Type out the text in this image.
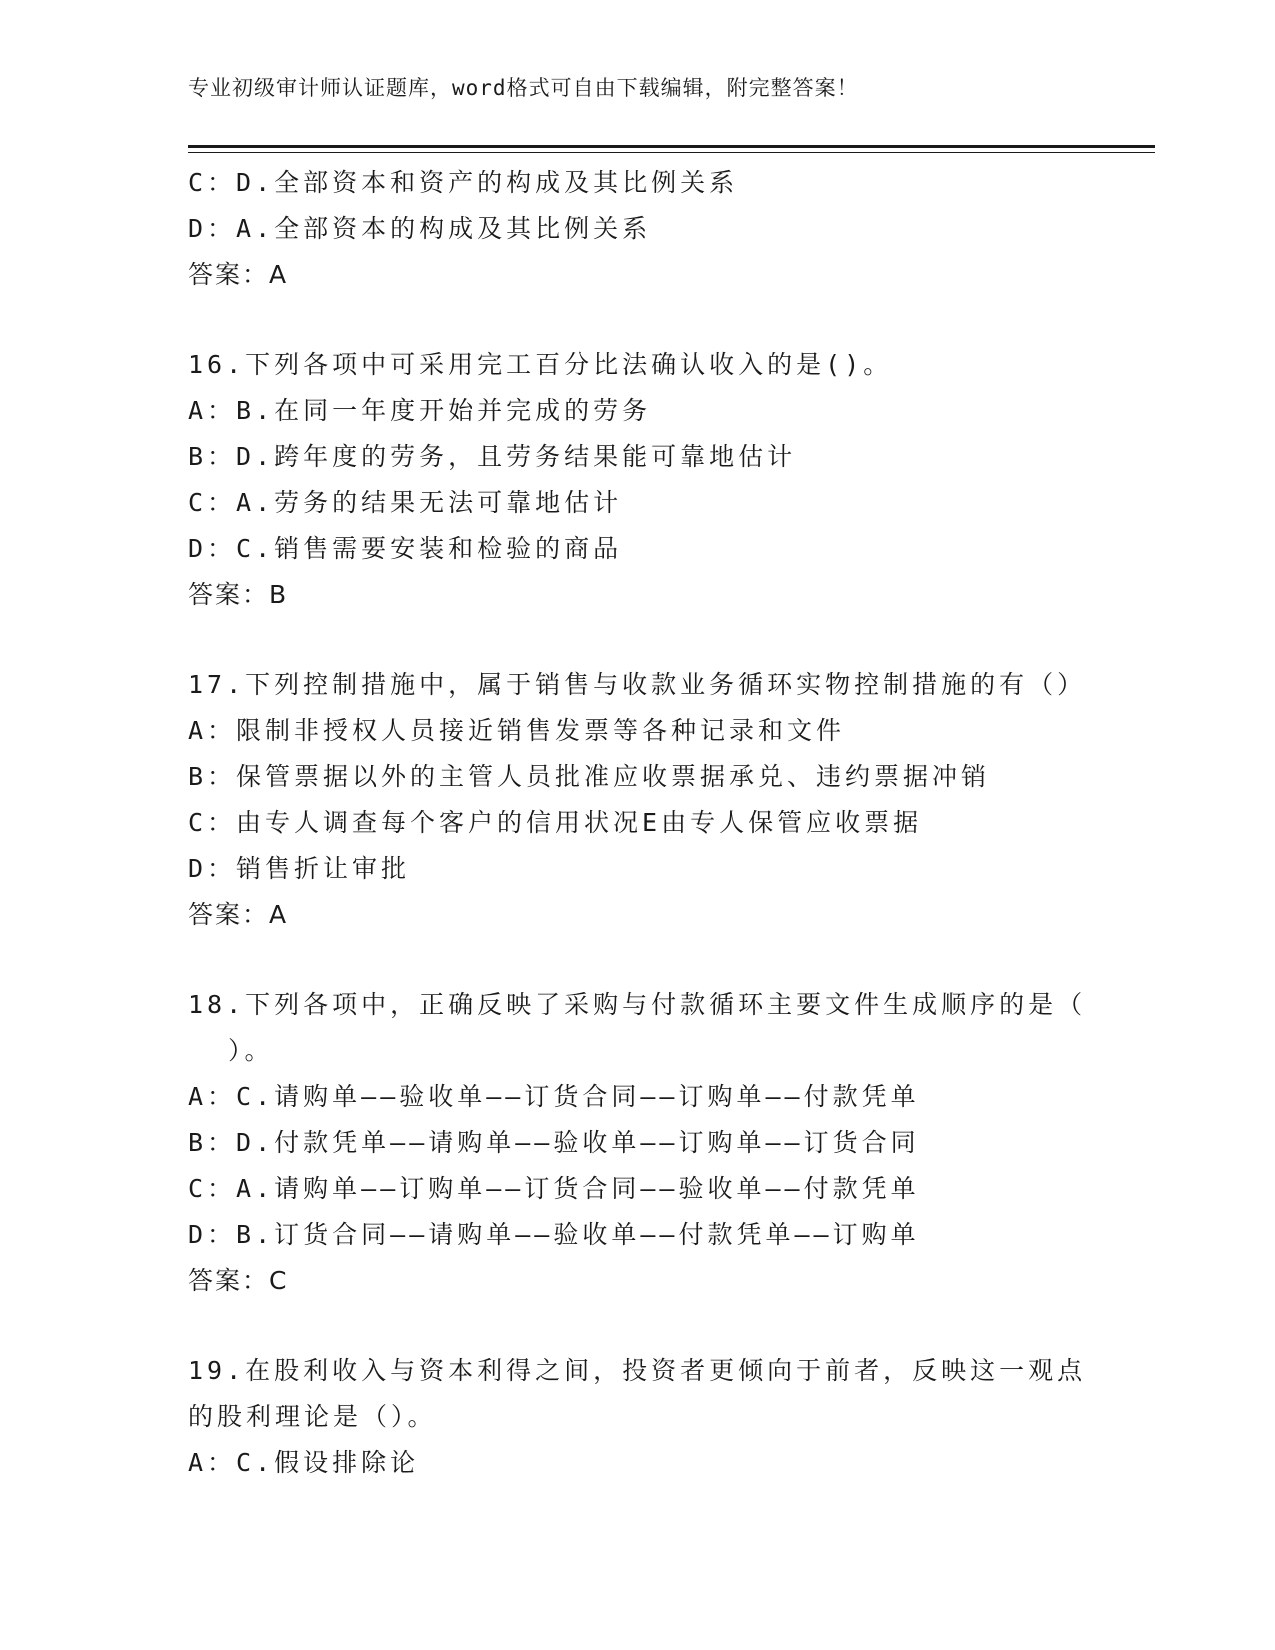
专业初级审计师认证题库，word格式可自由下载编辑，附完整答案！
C：D.全部资本和资产的构成及其比例关系
D：A.全部资本的构成及其比例关系
答案：A
16.下列各项中可采用完工百分比法确认收入的是()。
A：B.在同一年度开始并完成的劳务
B：D.跨年度的劳务，且劳务结果能可靠地估计
C：A.劳务的结果无法可靠地估计
D：C.销售需要安装和检验的商品
答案：B
17.下列控制措施中，属于销售与收款业务循环实物控制措施的有（）
A：限制非授权人员接近销售发票等各种记录和文件
B：保管票据以外的主管人员批准应收票据承兑、违约票据冲销
C：由专人调查每个客户的信用状况E由专人保管应收票据
D：销售折让审批
答案：A
18.下列各项中，正确反映了采购与付款循环主要文件生成顺序的是（
）。
A：C.请购单——验收单——订货合同——订购单——付款凭单
B：D.付款凭单——请购单——验收单——订购单——订货合同
C：A.请购单——订购单——订货合同——验收单——付款凭单
D：B.订货合同——请购单——验收单——付款凭单——订购单
答案：C
19.在股利收入与资本利得之间，投资者更倾向于前者，反映这一观点
的股利理论是（）。
A：C.假设排除论
